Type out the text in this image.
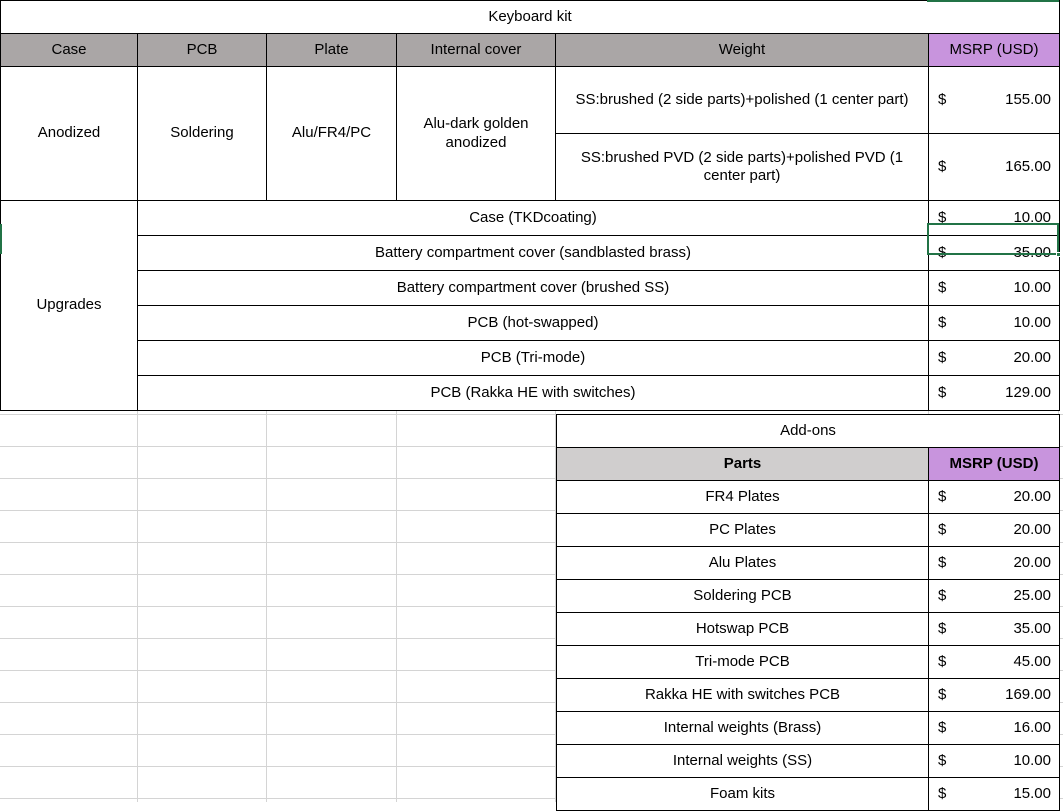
Keyboard kit					
Case	PCB	Plate	Internal cover	Weight	MSRP (USD)
Anodized	Soldering	Alu/FR4/PC	Alu-dark golden anodized	SS:brushed (2 side parts)+polished (1 center part)	$ 155.00

				SS:brushed PVD (2 side parts)+polished PVD (1 center part)	$ 165.00

Upgrades	Case (TKDcoating)				$ 10.00

	Battery compartment cover (sandblasted brass)				$ 35.00

	Battery compartment cover (brushed SS)				$ 10.00

	PCB (hot-swapped)				$ 10.00

	PCB (Tri-mode)				$ 20.00

	PCB (Rakka HE with switches)				$ 129.00
Add-ons	
Parts	MSRP (USD)
FR4 Plates	$ 20.00

PC Plates	$ 20.00

Alu Plates	$ 20.00

Soldering PCB	$ 25.00

Hotswap PCB	$ 35.00

Tri-mode PCB	$ 45.00

Rakka HE with switches PCB	$ 169.00

Internal weights (Brass)	$ 16.00

Internal weights (SS)	$ 10.00

Foam kits	$ 15.00
